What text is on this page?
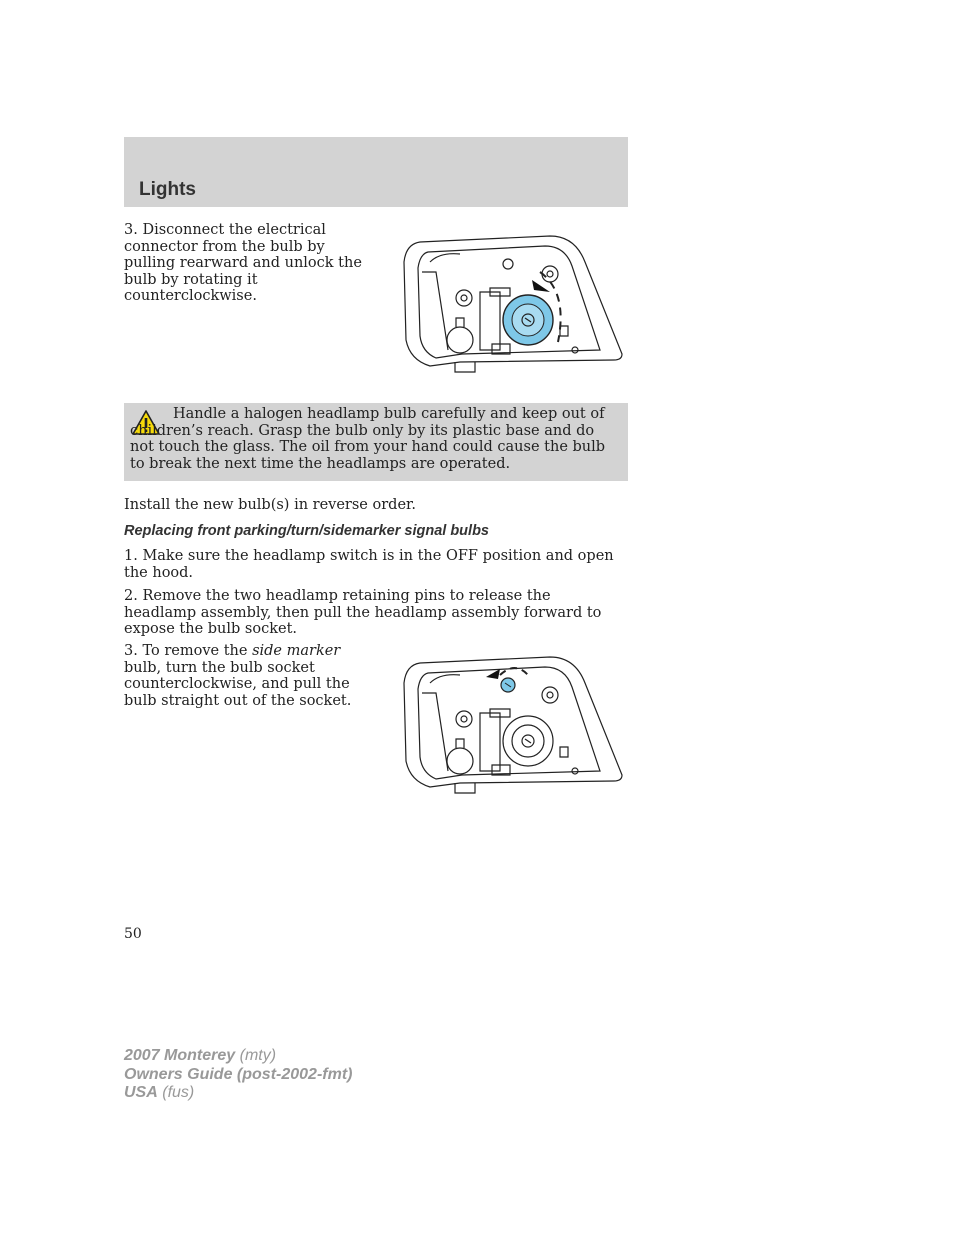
Lights

3. Disconnect the electrical connector from the bulb by pulling rearward and unlock the bulb by rotating it counterclockwise.

Handle a halogen headlamp bulb carefully and keep out of children’s reach. Grasp the bulb only by its plastic base and do not touch the glass. The oil from your hand could cause the bulb to break the next time the headlamps are operated.

Install the new bulb(s) in reverse order.

Replacing front parking/turn/sidemarker signal bulbs

1. Make sure the headlamp switch is in the OFF position and open the hood.

2. Remove the two headlamp retaining pins to release the headlamp assembly, then pull the headlamp assembly forward to expose the bulb socket.

3. To remove the side marker bulb, turn the bulb socket counterclockwise, and pull the bulb straight out of the socket.

50
2007 Monterey (mty)
Owners Guide (post-2002-fmt)
USA (fus)
